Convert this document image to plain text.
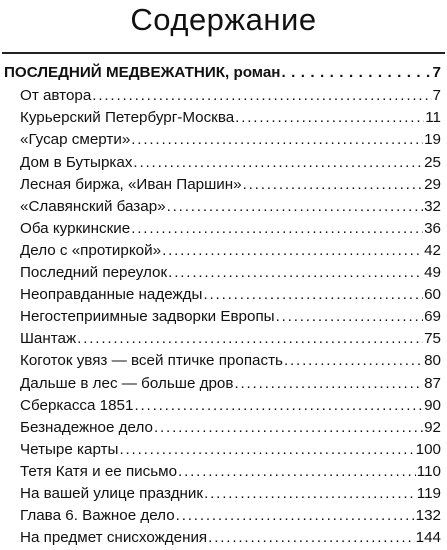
Содержание
ПОСЛЕДНИЙ МЕДВЕЖАТНИК, роман . . .	7
От автора . . .	7
Курьерский Петербург-Москва . . .	11
«Гусар смерти» . . .	19
Дом в Бутырках . . .	25
Лесная биржа, «Иван Паршин» . . .	29
«Славянский базар» . . .	32
Оба куркинские . . .	36
Дело с «протиркой» . . .	42
Последний переулок . . .	49
Неоправданные надежды . . .	60
Негостеприимные задворки Европы . . .	69
Шантаж . . .	75
Коготок увяз — всей птичке пропасть . . .	80
Дальше в лес — больше дров . . .	87
Сберкасса 1851 . . .	90
Безнадежное дело . . .	92
Четыре карты . . .	100
Тетя Катя и ее письмо . . .	110
На вашей улице праздник . . .	119
Глава 6. Важное дело . . .	132
На предмет снисхождения . . .	144
